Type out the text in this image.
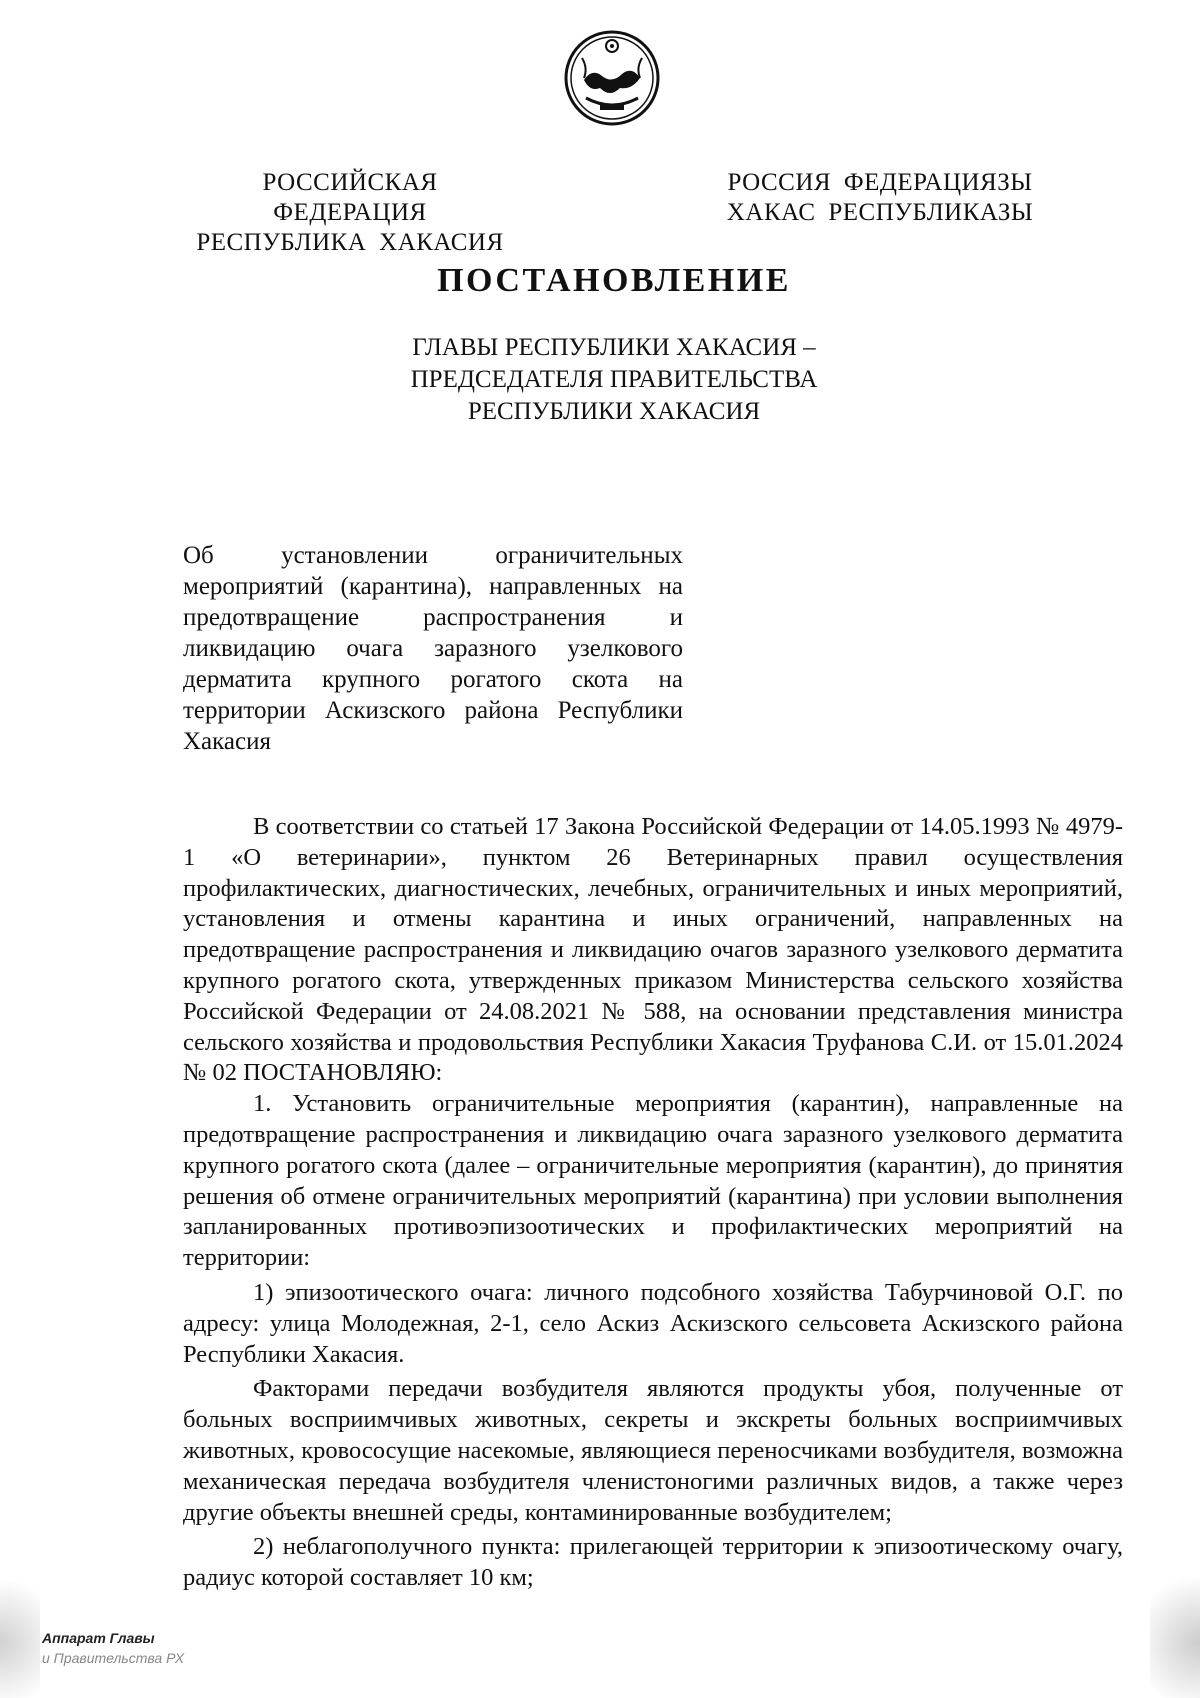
РОССИЙСКАЯ ФЕДЕРАЦИЯ
РЕСПУБЛИКА ХАКАСИЯ
РОССИЯ ФЕДЕРАЦИЯЗЫ
ХАКАС РЕСПУБЛИКАЗЫ
ПОСТАНОВЛЕНИЕ
ГЛАВЫ РЕСПУБЛИКИ ХАКАСИЯ –
ПРЕДСЕДАТЕЛЯ ПРАВИТЕЛЬСТВА
РЕСПУБЛИКИ ХАКАСИЯ
Об установлении ограничительных мероприятий (карантина), направленных на предотвращение распространения и ликвидацию очага заразного узелкового дерматита крупного рогатого скота на территории Аскизского района Республики
Хакасия

В соответствии со статьей 17 Закона Российской Федерации от 14.05.1993 № 4979-1 «О ветеринарии», пунктом 26 Ветеринарных правил осуществления профилактических, диагностических, лечебных, ограничительных и иных мероприятий, установления и отмены карантина и иных ограничений, направленных на предотвращение распространения и ликвидацию очагов заразного узелкового дерматита крупного рогатого скота, утвержденных приказом Министерства сельского хозяйства Российской Федерации от 24.08.2021 № 588, на основании представления министра сельского хозяйства и продовольствия Республики Хакасия Труфанова С.И. от 15.01.2024 № 02 ПОСТАНОВЛЯЮ:

1. Установить ограничительные мероприятия (карантин), направленные на предотвращение распространения и ликвидацию очага заразного узелкового дерматита крупного рогатого скота (далее – ограничительные мероприятия (карантин), до принятия решения об отмене ограничительных мероприятий (карантина) при условии выполнения запланированных противоэпизоотических и профилактических мероприятий на территории:

1) эпизоотического очага: личного подсобного хозяйства Табурчиновой О.Г. по адресу: улица Молодежная, 2-1, село Аскиз Аскизского сельсовета Аскизского района Республики Хакасия.

Факторами передачи возбудителя являются продукты убоя, полученные от больных восприимчивых животных, секреты и экскреты больных восприимчивых животных, кровососущие насекомые, являющиеся переносчиками возбудителя, возможна механическая передача возбудителя членистоногими различных видов, а также через другие объекты внешней среды, контаминированные возбудителем;

2) неблагополучного пункта: прилегающей территории к эпизоотическому очагу, радиус которой составляет 10 км;

Аппарат Главы
и Правительства РХ
